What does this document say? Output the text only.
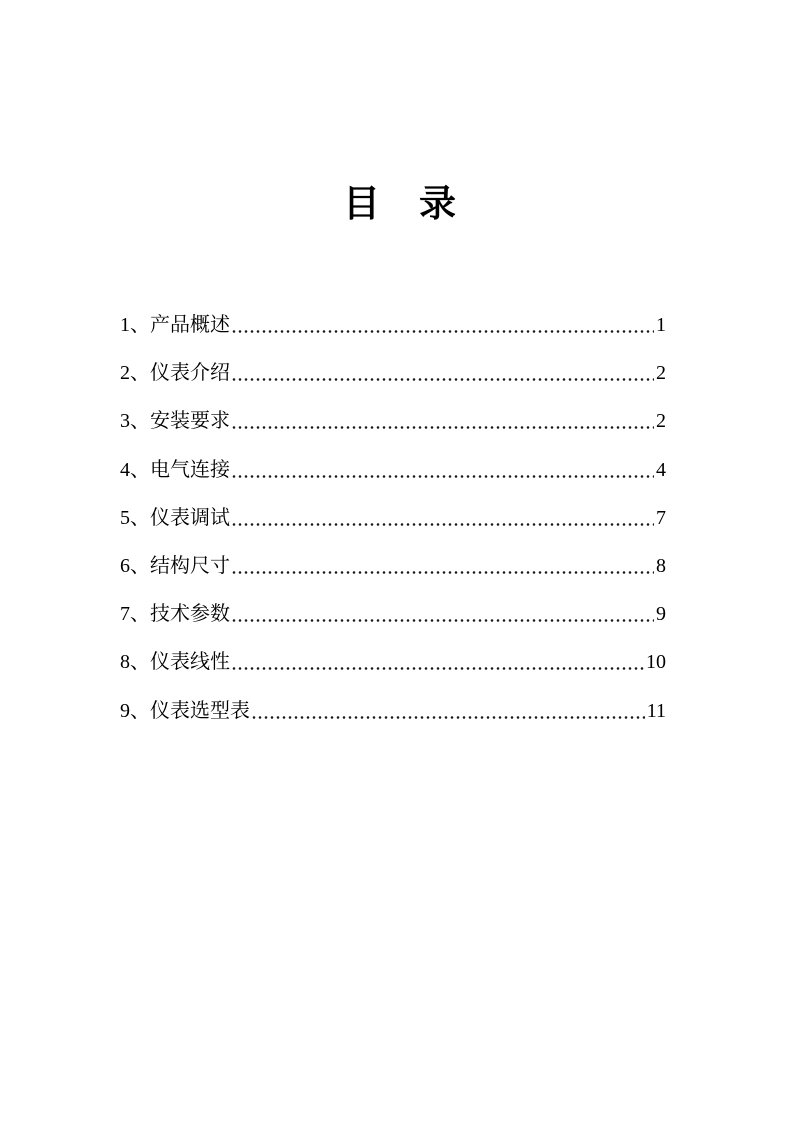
目　录
1、产品概述	1
2、仪表介绍	2
3、安装要求	2
4、电气连接	4
5、仪表调试	7
6、结构尺寸	8
7、技术参数	9
8、仪表线性	10
9、仪表选型表	11
